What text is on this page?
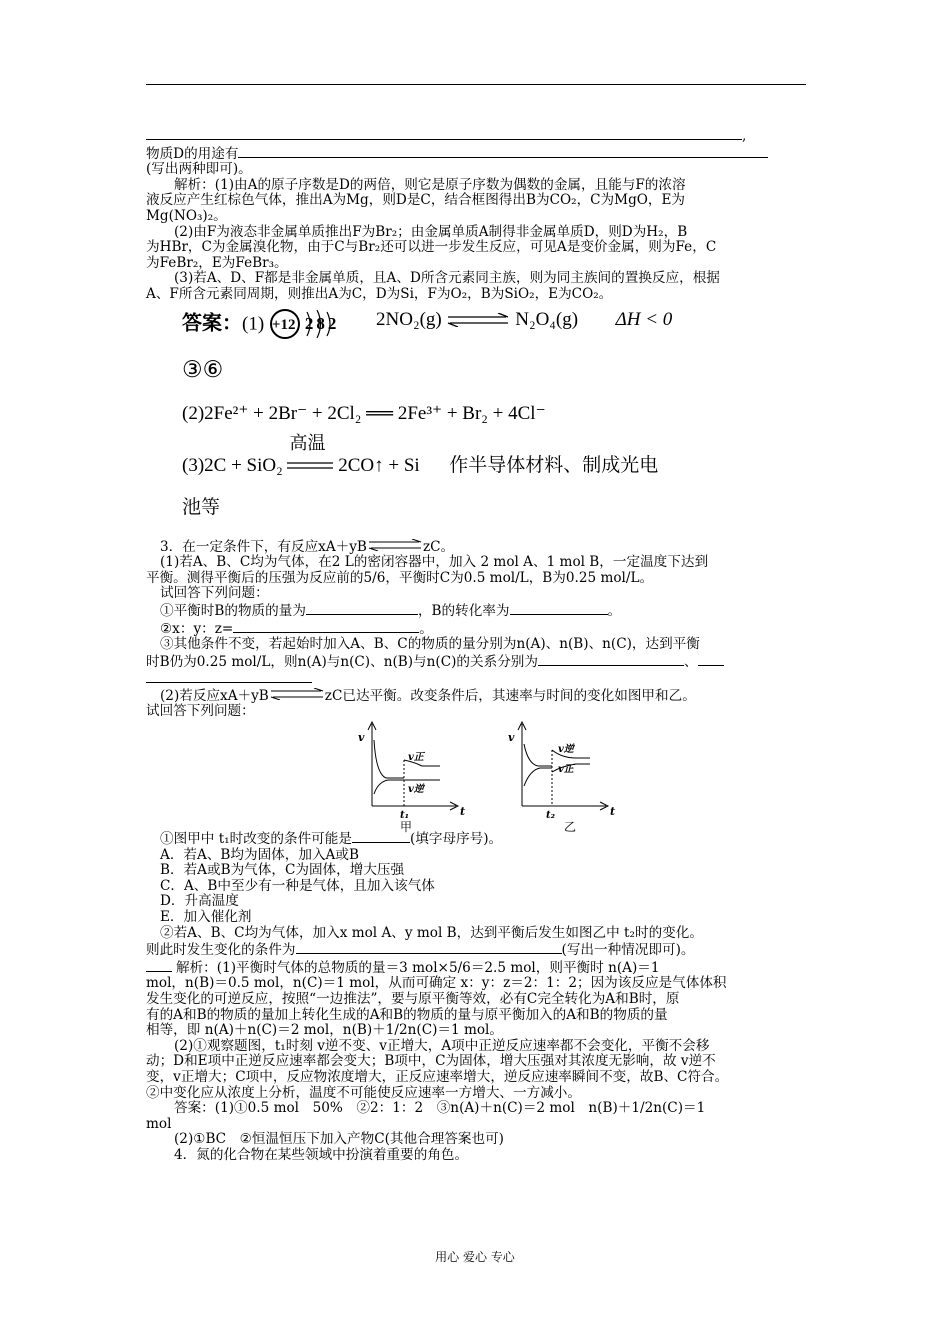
,

物质D的用途有

(写出两种即可)。

解析：(1)由A的原子序数是D的两倍，则它是原子序数为偶数的金属，且能与F的浓溶

液反应产生红棕色气体，推出A为Mg，则D是C，结合框图得出B为CO₂，C为MgO，E为

Mg(NO₃)₂。

(2)由F为液态非金属单质推出F为Br₂；由金属单质A制得非金属单质D，则D为H₂，B

为HBr，C为金属溴化物，由于C与Br₂还可以进一步发生反应，可见A是变价金属，则为Fe，C

为FeBr₂，E为FeBr₃。

(3)若A、D、F都是非金属单质，且A、D所含元素同主族，则为同主族间的置换反应，根据

A、F所含元素同周期，则推出A为C，D为Si，F为O₂，B为SiO₂，E为CO₂。

答案：(1) +12 282 2NO₂(g) ⇌ N₂O₄(g) ΔH < 0
③⑥
(2)2Fe²⁺ + 2Br⁻ + 2Cl₂ ══ 2Fe³⁺ + Br₂ + 4Cl⁻
(3)2C + SiO₂
高温
2CO↑ + Si 作半导体材料、制成光电
池等

3．在一定条件下，有反应xA＋yB	zC。

(1)若A、B、C均为气体，在2 L的密闭容器中，加入 2 mol A、1 mol B，一定温度下达到

平衡。测得平衡后的压强为反应前的5/6，平衡时C为0.5 mol/L，B为0.25 mol/L。

试回答下列问题：

①平衡时B的物质的量为	，B的转化率为	。

②x：y：z=	。

③其他条件不变，若起始时加入A、B、C的物质的量分别为n(A)、n(B)、n(C)，达到平衡

时B仍为0.25 mol/L，则n(A)与n(C)、n(B)与n(C)的关系分别为	、

(2)若反应xA＋yB	zC已达平衡。改变条件后，其速率与时间的变化如图甲和乙。

试回答下列问题：

v
t
v正
v逆
t₁
甲
v
t
v逆
v正
t₂
乙

①图甲中 t₁时改变的条件可能是	(填字母序号)。

A．若A、B均为固体，加入A或B

B．若A或B为气体，C为固体，增大压强

C．A、B中至少有一种是气体，且加入该气体

D．升高温度

E．加入催化剂

②若A、B、C均为气体，加入x mol A、y mol B，达到平衡后发生如图乙中 t₂时的变化。

则此时发生变化的条件为	(写出一种情况即可)。

解析：(1)平衡时气体的总物质的量＝3 mol×5/6＝2.5 mol，则平衡时 n(A)＝1

mol，n(B)＝0.5 mol，n(C)＝1 mol，从而可确定 x：y：z＝2：1：2；因为该反应是气体体积

发生变化的可逆反应，按照“一边推法”，要与原平衡等效，必有C完全转化为A和B时，原

有的A和B的物质的量加上转化生成的A和B的物质的量与原平衡加入的A和B的物质的量

相等，即 n(A)＋n(C)＝2 mol，n(B)＋1/2n(C)＝1 mol。

(2)①观察题图，t₁时刻 v逆不变、v正增大，A项中正逆反应速率都不会变化，平衡不会移

动；D和E项中正逆反应速率都会变大；B项中，C为固体，增大压强对其浓度无影响，故 v逆不

变，v正增大；C项中，反应物浓度增大，正反应速率增大，逆反应速率瞬间不变，故B、C符合。

②中变化应从浓度上分析，温度不可能使反应速率一方增大、一方减小。

答案：(1)①0.5 mol　50%　②2：1：2　③n(A)＋n(C)＝2 mol　n(B)＋1/2n(C)＝1

mol

(2)①BC　②恒温恒压下加入产物C(其他合理答案也可)

4．氮的化合物在某些领域中扮演着重要的角色。

用心 爱心 专心
